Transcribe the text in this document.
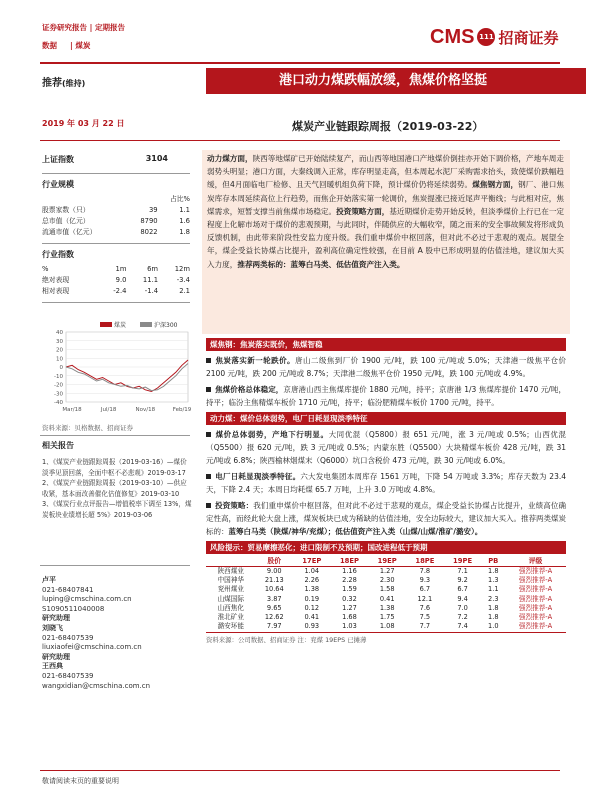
证券研究报告 | 定期报告
数据     | 煤炭	CMS 111 招商证券
推荐(维持)	港口动力煤跌幅放缓，焦煤价格坚挺
2019 年 03 月 22 日	煤炭产业链跟踪周报（2019-03-22）
上证指数	3104
行业规模
		占比%
股票家数（只）	39	1.1
总市值（亿元）	8790	1.6
流通市值（亿元）	8022	1.8
行业指数
%	1m	6m	12m
绝对表现	9.0	11.1	-3.4
相对表现	-2.4	-1.4	2.1
40
30
20
10
0
-10
-20
-30
-40
Mar/18	Jul/18	Nov/18	Feb/19
煤炭	沪深300
资料来源：贝格数据、招商证券
相关报告
1、《煤炭产业链跟踪周报（2019-03-16）—煤价淡季见顶回落，全面中枢不必悲观》2019-03-17
2、《煤炭产业链跟踪周报（2019-03-10）—供应收紧，基本面改善催化估值修复》2019-03-10
3、《煤炭行业点评报告—增值税率下调至 13%，煤炭板块业绩增长超 5%》2019-03-06
卢平
021-68407841
luping@cmschina.com.cn
S1090511040008
研究助理
刘晓飞
021-68407539
liuxiaofei@cmschina.com.cn
研究助理
王西典
021-68407539
wangxidian@cmschina.com.cn
动力煤方面，陕西等地煤矿已开始陆续复产，而山西等地国港口产地煤价倒挂亦开始下调价格，产地车周走弱势头明显；港口方面，大秦线调入正常，库存明显走高，但本周起水泥厂采购需求抬头，致使煤价跌幅趋缓，但4月面临电厂检修、且天气回暖机组负荷下降，预计煤价仍将延续弱势。煤焦钢方面，钢厂、港口焦炭库存本周延续高位上行趋势，而焦企开始落实第一轮调价，焦炭提涨已接近尾声平衡线；与此相对应，焦煤需求，短暂支撑当前焦煤市场稳定。投资策略方面，基近期煤价走势开始反转，但淡季煤价上行已在一定程度上化解市场对于煤价的悲观预期，与此同时，伴随供应的大幅收窄，随之而来的安全事故频发将形成负反馈机制，由此带来阶段性安监力度升级。我们重申煤价中枢回落，但对此不必过于悲观的观点。展望全年，煤企受益长协煤占比提升，盈利高位确定性较强，在目前 A 股中已形成明显的估值洼地，建议加大买入力度，推荐两类标的：蓝筹白马类、低估值资产注入类。
煤焦钢：焦炭落实既价，焦煤智稳
焦炭落实新一轮跌价。唐山二级焦到厂价 1900 元/吨，跌 100 元/吨或 5.0%；天津港一级焦平仓价 2100 元/吨，跌 200 元/吨或 8.7%；天津港二级焦平仓价 1950 元/吨，跌 100 元/吨或 4.9%。
焦煤价格总体稳定，京唐港山西主焦煤库提价 1880 元/吨，持平；京唐港 1/3 焦煤库提价 1470 元/吨，持平；临汾主焦精煤车板价 1710 元/吨，持平；临汾肥精煤车板价 1700 元/吨，持平。
动力煤：煤价总体弱势，电厂日耗显现淡季特征
煤价总体弱势，产地下行明显。大同优混（Q5800）报 651 元/吨，涨 3 元/吨或 0.5%；山西优混（Q5500）报 620 元/吨，跌 3 元/吨或 0.5%；内蒙东胜（Q5500）大块精煤车板价 428 元/吨，跌 31 元/吨或 6.8%；陕西榆林烟煤末（Q6000）坑口含税价 473 元/吨，跌 30 元/吨或 6.0%。
电厂日耗显现淡季特征。六大发电集团本周库存 1561 万吨，下降 54 万吨或 3.3%；库存天数为 23.4 天，下降 2.4 天；本周日均耗煤 65.7 万吨，上升 3.0 万吨或 4.8%。
投资策略：我们重申煤价中枢回落，但对此不必过于悲观的观点，煤企受益长协煤占比提升，业绩高位确定性高，而经此轮大盘上涨，煤炭板块已成为稀缺的估值洼地，安全边际较大，建议加大买入。推荐两类煤炭标的：蓝筹白马类（陕煤/神华/兖煤）；低估值资产注入类（山煤/山煤/淮矿/潞安）。
风险提示：贸易摩擦恶化；进口限制不及预期；国改进程低于预期
	股价	17EP	18EP	19EP	18PE	19PE	PB	评级
陕西煤业	9.00	1.04	1.16	1.27	7.8	7.1	1.8	强烈推荐-A
中国神华	21.13	2.26	2.28	2.30	9.3	9.2	1.3	强烈推荐-A
兖州煤业	10.64	1.38	1.59	1.58	6.7	6.7	1.1	强烈推荐-A
山煤国际	3.87	0.19	0.32	0.41	12.1	9.4	2.3	强烈推荐-A
山西焦化	9.65	0.12	1.27	1.38	7.6	7.0	1.8	强烈推荐-A
淮北矿业	12.62	0.41	1.68	1.75	7.5	7.2	1.8	强烈推荐-A
潞安环能	7.97	0.93	1.03	1.08	7.7	7.4	1.0	强烈推荐-A
资料来源：公司数据、招商证券 注：兖煤 19EPS 已摊薄
敬请阅读末页的重要说明
